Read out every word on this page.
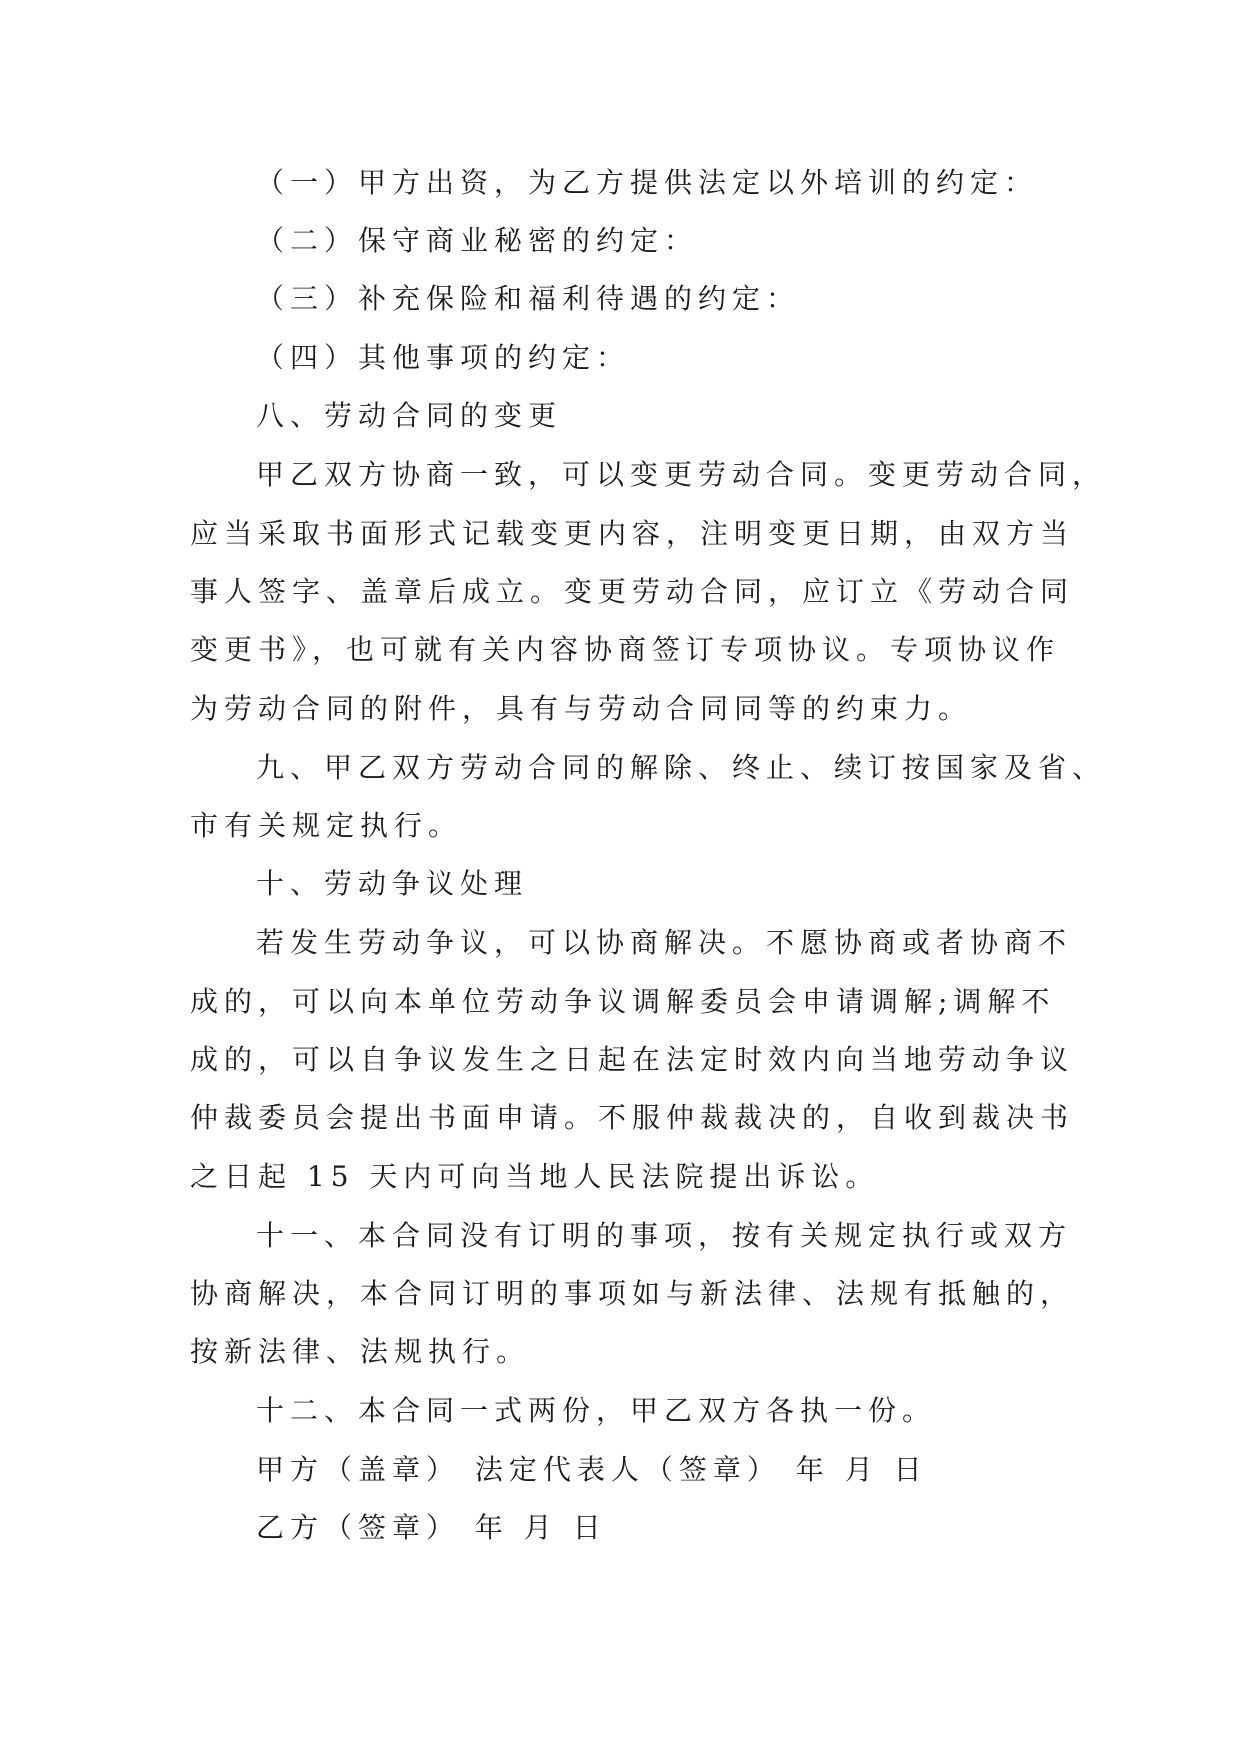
（一）甲方出资，为乙方提供法定以外培训的约定：
（二）保守商业秘密的约定：
（三）补充保险和福利待遇的约定：
（四）其他事项的约定：
八、劳动合同的变更
甲乙双方协商一致，可以变更劳动合同。变更劳动合同，
应当采取书面形式记载变更内容，注明变更日期，由双方当
事人签字、盖章后成立。变更劳动合同，应订立《劳动合同
变更书》，也可就有关内容协商签订专项协议。专项协议作
为劳动合同的附件，具有与劳动合同同等的约束力。
九、甲乙双方劳动合同的解除、终止、续订按国家及省、
市有关规定执行。
十、劳动争议处理
若发生劳动争议，可以协商解决。不愿协商或者协商不
成的，可以向本单位劳动争议调解委员会申请调解;调解不
成的，可以自争议发生之日起在法定时效内向当地劳动争议
仲裁委员会提出书面申请。不服仲裁裁决的，自收到裁决书
之日起 15 天内可向当地人民法院提出诉讼。
十一、本合同没有订明的事项，按有关规定执行或双方
协商解决，本合同订明的事项如与新法律、法规有抵触的，
按新法律、法规执行。
十二、本合同一式两份，甲乙双方各执一份。
甲方（盖章） 法定代表人（签章） 年 月 日
乙方（签章） 年 月 日
